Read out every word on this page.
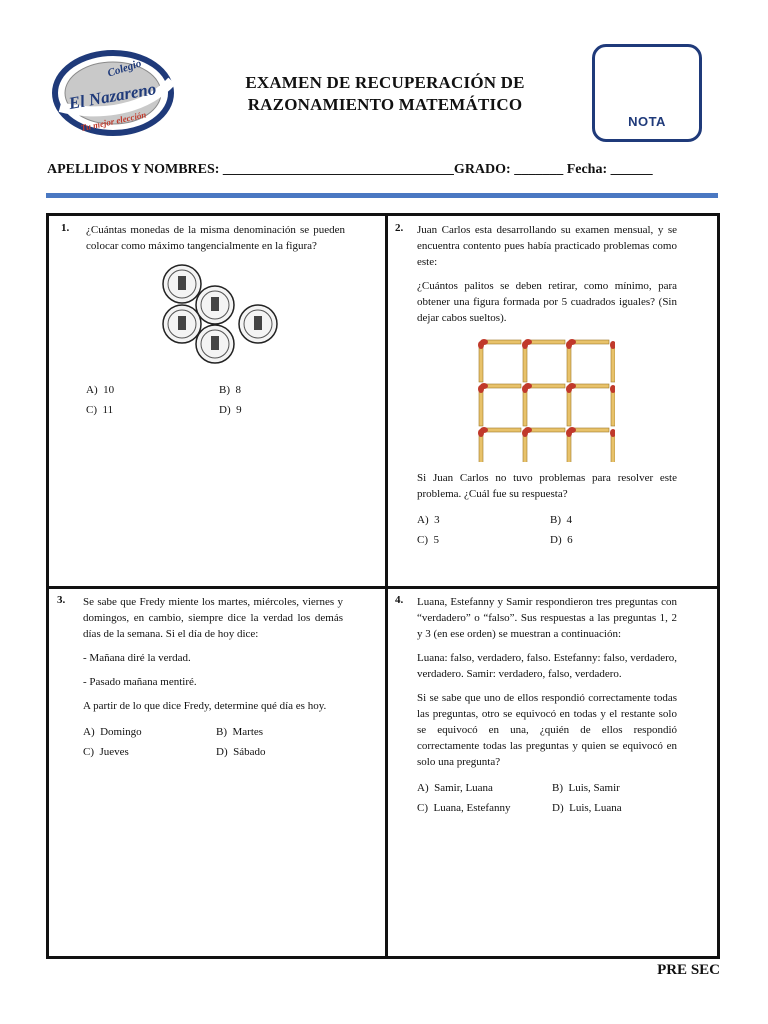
Colegio
El Nazareno
Tu mejor elección
EXAMEN DE RECUPERACIÓN DE
RAZONAMIENTO MATEMÁTICO
NOTA
APELLIDOS Y NOMBRES: _________________________________GRADO: _______ Fecha: ______
1. ¿Cuántas monedas de la misma denominación se pueden colocar como máximo tangencialmente en la figura?

A) 10	B) 8
C) 11	D) 9
2. Juan Carlos esta desarrollando su examen mensual, y se encuentra contento pues había practicado problemas como este:

¿Cuántos palitos se deben retirar, como mínimo, para obtener una figura formada por 5 cuadrados iguales? (Sin dejar cabos sueltos).

Si Juan Carlos no tuvo problemas para resolver este problema. ¿Cuál fue su respuesta?

A) 3	B) 4
C) 5	D) 6
3. Se sabe que Fredy miente los martes, miércoles, viernes y domingos, en cambio, siempre dice la verdad los demás días de la semana. Si el día de hoy dice:

- Mañana diré la verdad.

- Pasado mañana mentiré.

A partir de lo que dice Fredy, determine qué día es hoy.

A) Domingo	B) Martes
C) Jueves	D) Sábado
4. Luana, Estefanny y Samir respondieron tres preguntas con “verdadero” o “falso”. Sus respuestas a las preguntas 1, 2 y 3 (en ese orden) se muestran a continuación:

Luana: falso, verdadero, falso. Estefanny: falso, verdadero, verdadero. Samir: verdadero, falso, verdadero.

Si se sabe que uno de ellos respondió correctamente todas las preguntas, otro se equivocó en todas y el restante solo se equivocó en una, ¿quién de ellos respondió correctamente todas las preguntas y quien se equivocó en solo una pregunta?

A) Samir, Luana	B) Luis, Samir
C) Luana, Estefanny	D) Luis, Luana
PRE SEC
